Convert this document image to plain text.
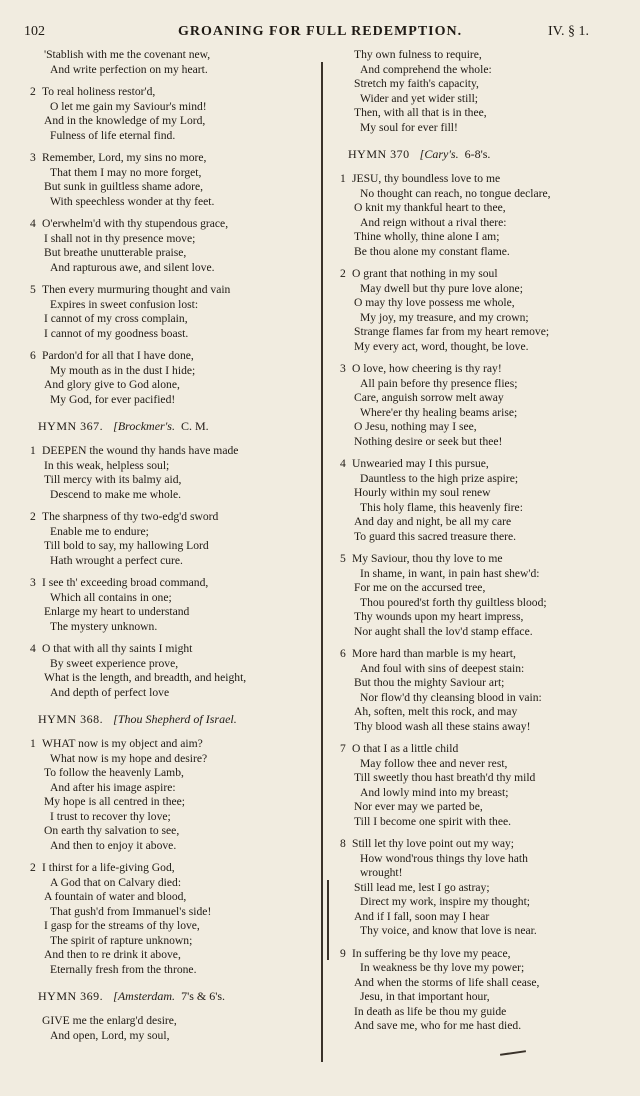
102	GROANING FOR FULL REDEMPTION.	IV. § 1.
'Stablish with me the covenant new,
And write perfection on my heart.
2 To real holiness restor'd,
O let me gain my Saviour's mind!
And in the knowledge of my Lord,
Fulness of life eternal find.
3 Remember, Lord, my sins no more,
That them I may no more forget,
But sunk in guiltless shame adore,
With speechless wonder at thy feet.
4 O'erwhelm'd with thy stupendous grace,
I shall not in thy presence move;
But breathe unutterable praise,
And rapturous awe, and silent love.
5 Then every murmuring thought and vain
Expires in sweet confusion lost:
I cannot of my cross complain,
I cannot of my goodness boast.
6 Pardon'd for all that I have done,
My mouth as in the dust I hide;
And glory give to God alone,
My God, for ever pacified!
HYMN 367. [Brockmer's. C. M.
1 DEEPEN the wound thy hands have made
In this weak, helpless soul;
Till mercy with its balmy aid,
Descend to make me whole.
2 The sharpness of thy two-edg'd sword
Enable me to endure;
Till bold to say, my hallowing Lord
Hath wrought a perfect cure.
3 I see th' exceeding broad command,
Which all contains in one;
Enlarge my heart to understand
The mystery unknown.
4 O that with all thy saints I might
By sweet experience prove,
What is the length, and breadth, and height,
And depth of perfect love
HYMN 368. [Thou Shepherd of Israel.
1 WHAT now is my object and aim?
What now is my hope and desire?
To follow the heavenly Lamb,
And after his image aspire:
My hope is all centred in thee;
I trust to recover thy love;
On earth thy salvation to see,
And then to enjoy it above.
2 I thirst for a life-giving God,
A God that on Calvary died:
A fountain of water and blood,
That gush'd from Immanuel's side!
I gasp for the streams of thy love,
The spirit of rapture unknown;
And then to re drink it above,
Eternally fresh from the throne.
HYMN 369. [Amsterdam. 7's & 6's.
GIVE me the enlarg'd desire,
And open, Lord, my soul,
Thy own fulness to require,
And comprehend the whole:
Stretch my faith's capacity,
Wider and yet wider still;
Then, with all that is in thee,
My soul for ever fill!
HYMN 370 [Cary's. 6-8's.
1 JESU, thy boundless love to me
No thought can reach, no tongue declare,
O knit my thankful heart to thee,
And reign without a rival there:
Thine wholly, thine alone I am;
Be thou alone my constant flame.
2 O grant that nothing in my soul
May dwell but thy pure love alone;
O may thy love possess me whole,
My joy, my treasure, and my crown;
Strange flames far from my heart remove;
My every act, word, thought, be love.
3 O love, how cheering is thy ray!
All pain before thy presence flies;
Care, anguish sorrow melt away
Where'er thy healing beams arise;
O Jesu, nothing may I see,
Nothing desire or seek but thee!
4 Unwearied may I this pursue,
Dauntless to the high prize aspire;
Hourly within my soul renew
This holy flame, this heavenly fire:
And day and night, be all my care
To guard this sacred treasure there.
5 My Saviour, thou thy love to me
In shame, in want, in pain hast shew'd:
For me on the accursed tree,
Thou poured'st forth thy guiltless blood;
Thy wounds upon my heart impress,
Nor aught shall the lov'd stamp efface.
6 More hard than marble is my heart,
And foul with sins of deepest stain:
But thou the mighty Saviour art;
Nor flow'd thy cleansing blood in vain:
Ah, soften, melt this rock, and may
Thy blood wash all these stains away!
7 O that I as a little child
May follow thee and never rest,
Till sweetly thou hast breath'd thy mild
And lowly mind into my breast;
Nor ever may we parted be,
Till I become one spirit with thee.
8 Still let thy love point out my way;
How wond'rous things thy love hath
wrought!
Still lead me, lest I go astray;
Direct my work, inspire my thought;
And if I fall, soon may I hear
Thy voice, and know that love is near.
9 In suffering be thy love my peace,
In weakness be thy love my power;
And when the storms of life shall cease,
Jesu, in that important hour,
In death as life be thou my guide
And save me, who for me hast died.
